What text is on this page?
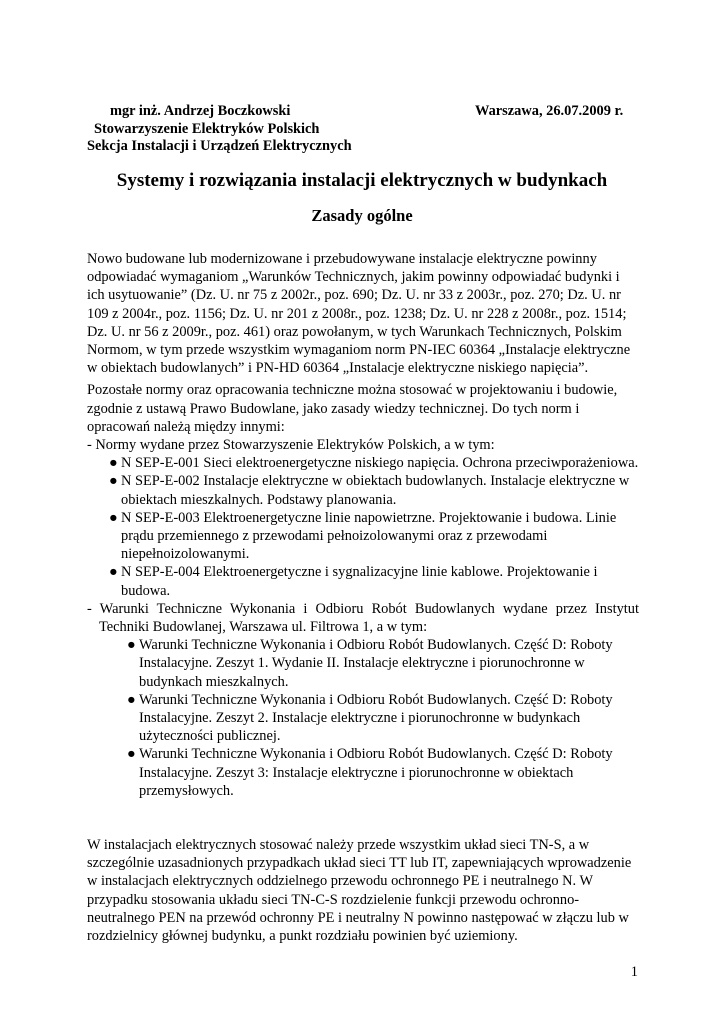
mgr inż. Andrzej Boczkowski	Warszawa, 26.07.2009 r.
Stowarzyszenie Elektryków Polskich
Sekcja Instalacji i Urządzeń Elektrycznych
Systemy i rozwiązania instalacji elektrycznych w budynkach
Zasady ogólne

Nowo budowane lub modernizowane i przebudowywane instalacje elektryczne powinny odpowiadać wymaganiom „Warunków Technicznych, jakim powinny odpowiadać budynki i ich usytuowanie” (Dz. U. nr 75 z 2002r., poz. 690; Dz. U. nr 33 z 2003r., poz. 270; Dz. U. nr 109 z 2004r., poz. 1156; Dz. U. nr 201 z 2008r., poz. 1238; Dz. U. nr 228 z 2008r., poz. 1514; Dz. U. nr 56 z 2009r., poz. 461) oraz powołanym, w tych Warunkach Technicznych, Polskim Normom, w tym przede wszystkim wymaganiom norm PN-IEC 60364 „Instalacje elektryczne w obiektach budowlanych” i PN-HD 60364 „Instalacje elektryczne niskiego napięcia”.

Pozostałe normy oraz opracowania techniczne można stosować w projektowaniu i budowie, zgodnie z ustawą Prawo Budowlane, jako zasady wiedzy technicznej. Do tych norm i opracowań należą między innymi:

- Normy wydane przez Stowarzyszenie Elektryków Polskich, a w tym:

● N SEP-E-001 Sieci elektroenergetyczne niskiego napięcia. Ochrona przeciwporażeniowa.
● N SEP-E-002 Instalacje elektryczne w obiektach budowlanych. Instalacje elektryczne w obiektach mieszkalnych. Podstawy planowania.
● N SEP-E-003 Elektroenergetyczne linie napowietrzne. Projektowanie i budowa. Linie prądu przemiennego z przewodami pełnoizolowanymi oraz z przewodami niepełnoizolowanymi.
● N SEP-E-004 Elektroenergetyczne i sygnalizacyjne linie kablowe. Projektowanie i budowa.

- Warunki Techniczne Wykonania i Odbioru Robót Budowlanych wydane przez Instytut Techniki Budowlanej, Warszawa ul. Filtrowa 1, a w tym:

● Warunki Techniczne Wykonania i Odbioru Robót Budowlanych. Część D: Roboty Instalacyjne. Zeszyt 1. Wydanie II. Instalacje elektryczne i piorunochronne w budynkach mieszkalnych.
● Warunki Techniczne Wykonania i Odbioru Robót Budowlanych. Część D: Roboty Instalacyjne. Zeszyt 2. Instalacje elektryczne i piorunochronne w budynkach użyteczności publicznej.
● Warunki Techniczne Wykonania i Odbioru Robót Budowlanych. Część D: Roboty Instalacyjne. Zeszyt 3: Instalacje elektryczne i piorunochronne w obiektach przemysłowych.

W instalacjach elektrycznych stosować należy przede wszystkim układ sieci TN-S, a w szczególnie uzasadnionych przypadkach układ sieci TT lub IT, zapewniających wprowadzenie w instalacjach elektrycznych oddzielnego przewodu ochronnego PE i neutralnego N. W przypadku stosowania układu sieci TN-C-S rozdzielenie funkcji przewodu ochronno-neutralnego PEN na przewód ochronny PE i neutralny N powinno następować w złączu lub w rozdzielnicy głównej budynku, a punkt rozdziału powinien być uziemiony.

1
